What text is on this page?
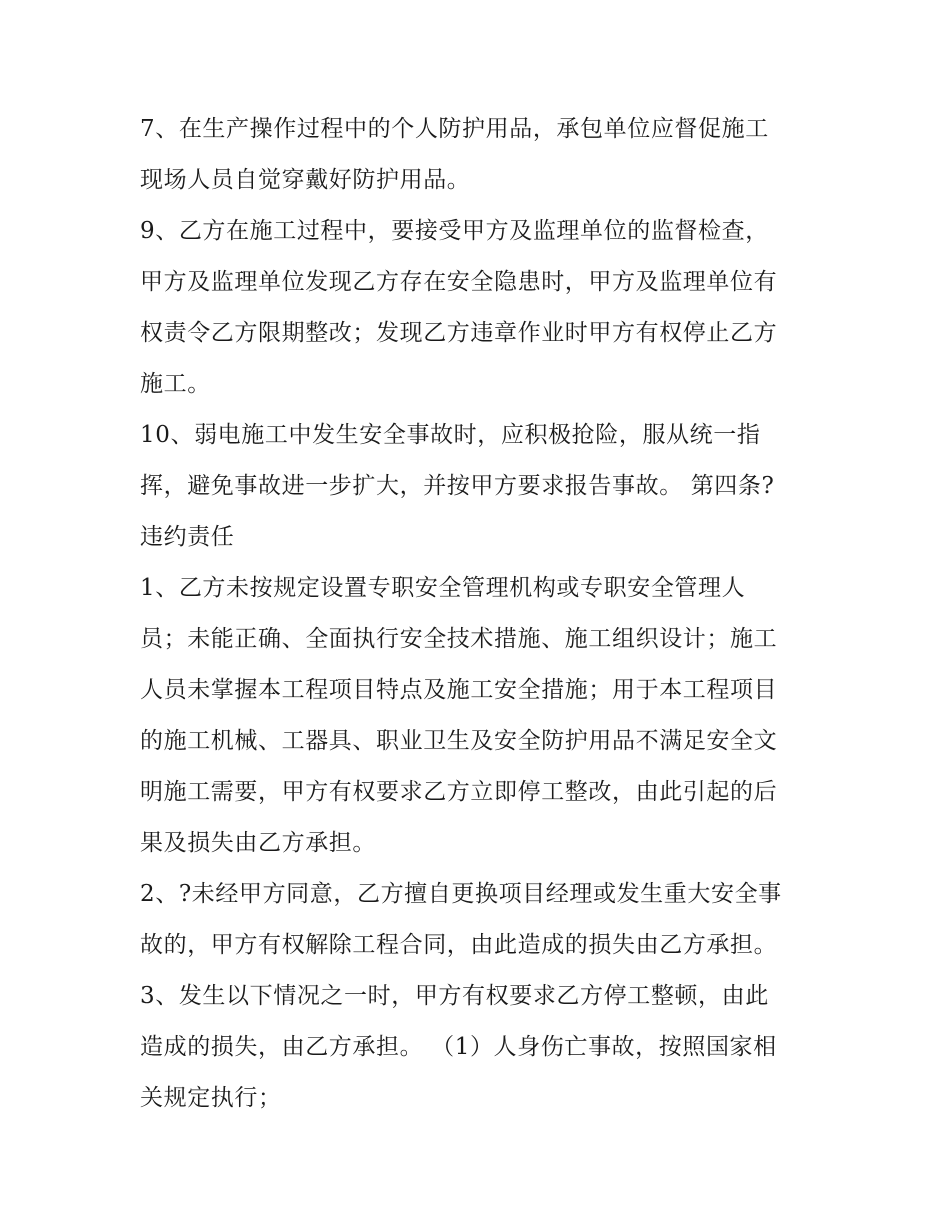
7、在生产操作过程中的个人防护用品，承包单位应督促施工
现场人员自觉穿戴好防护用品。
9、乙方在施工过程中，要接受甲方及监理单位的监督检查，
甲方及监理单位发现乙方存在安全隐患时，甲方及监理单位有
权责令乙方限期整改；发现乙方违章作业时甲方有权停止乙方
施工。
10、弱电施工中发生安全事故时，应积极抢险，服从统一指
挥，避免事故进一步扩大，并按甲方要求报告事故。 第四条?
违约责任
1、乙方未按规定设置专职安全管理机构或专职安全管理人
员；未能正确、全面执行安全技术措施、施工组织设计；施工
人员未掌握本工程项目特点及施工安全措施；用于本工程项目
的施工机械、工器具、职业卫生及安全防护用品不满足安全文
明施工需要，甲方有权要求乙方立即停工整改，由此引起的后
果及损失由乙方承担。
2、?未经甲方同意，乙方擅自更换项目经理或发生重大安全事
故的，甲方有权解除工程合同，由此造成的损失由乙方承担。
3、发生以下情况之一时，甲方有权要求乙方停工整顿，由此
造成的损失，由乙方承担。 （1）人身伤亡事故，按照国家相
关规定执行；
